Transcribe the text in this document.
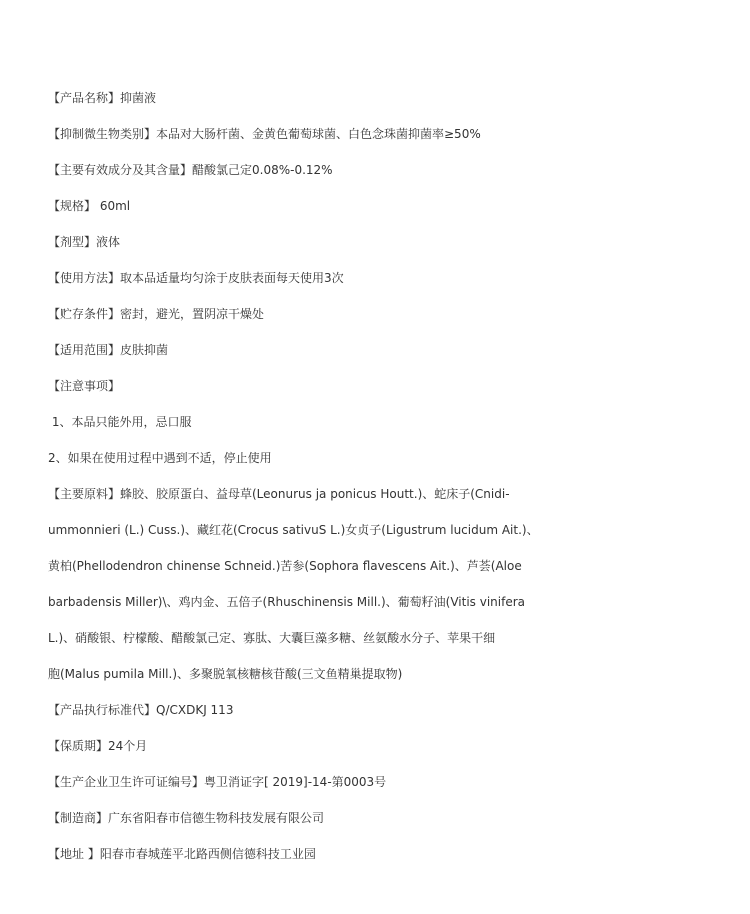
【产品名称】抑菌液
【抑制微生物类别】本品对大肠杆菌、金黄色葡萄球菌、白色念珠菌抑菌率≥50%
【主要有效成分及其含量】醋酸氯己定0.08%-0.12%
【规格】 60ml
【剂型】液体
【使用方法】取本品适量均匀涂于皮肤表面每天使用3次
【贮存条件】密封，避光，置阴凉干燥处
【适用范围】皮肤抑菌
【注意事项】
1、本品只能外用，忌口服
2、如果在使用过程中遇到不适，停止使用
【主要原料】蜂胶、胶原蛋白、益母草(Leonurus ja ponicus Houtt.)、蛇床子(Cnidi-
ummonnieri (L.) Cuss.)、藏红花(Crocus sativuS L.)女贞子(Ligustrum lucidum Ait.)、
黄柏(Phellodendron chinense Schneid.)苦参(Sophora flavescens Ait.)、芦荟(Aloe
barbadensis Miller)\、鸡内金、五倍子(Rhuschinensis Mill.)、葡萄籽油(Vitis vinifera
L.)、硝酸银、柠檬酸、醋酸氯己定、寡肽、大囊巨藻多糖、丝氨酸水分子、苹果干细
胞(Malus pumila Mill.)、多聚脱氧核糖核苷酸(三文鱼精巢提取物)
【产品执行标准代】Q/CXDKJ 113
【保质期】24个月
【生产企业卫生许可证编号】粤卫消证字[ 2019]-14-第0003号
【制造商】广东省阳春市信德生物科技发展有限公司
【地址 】阳春市春城莲平北路西侧信德科技工业园
